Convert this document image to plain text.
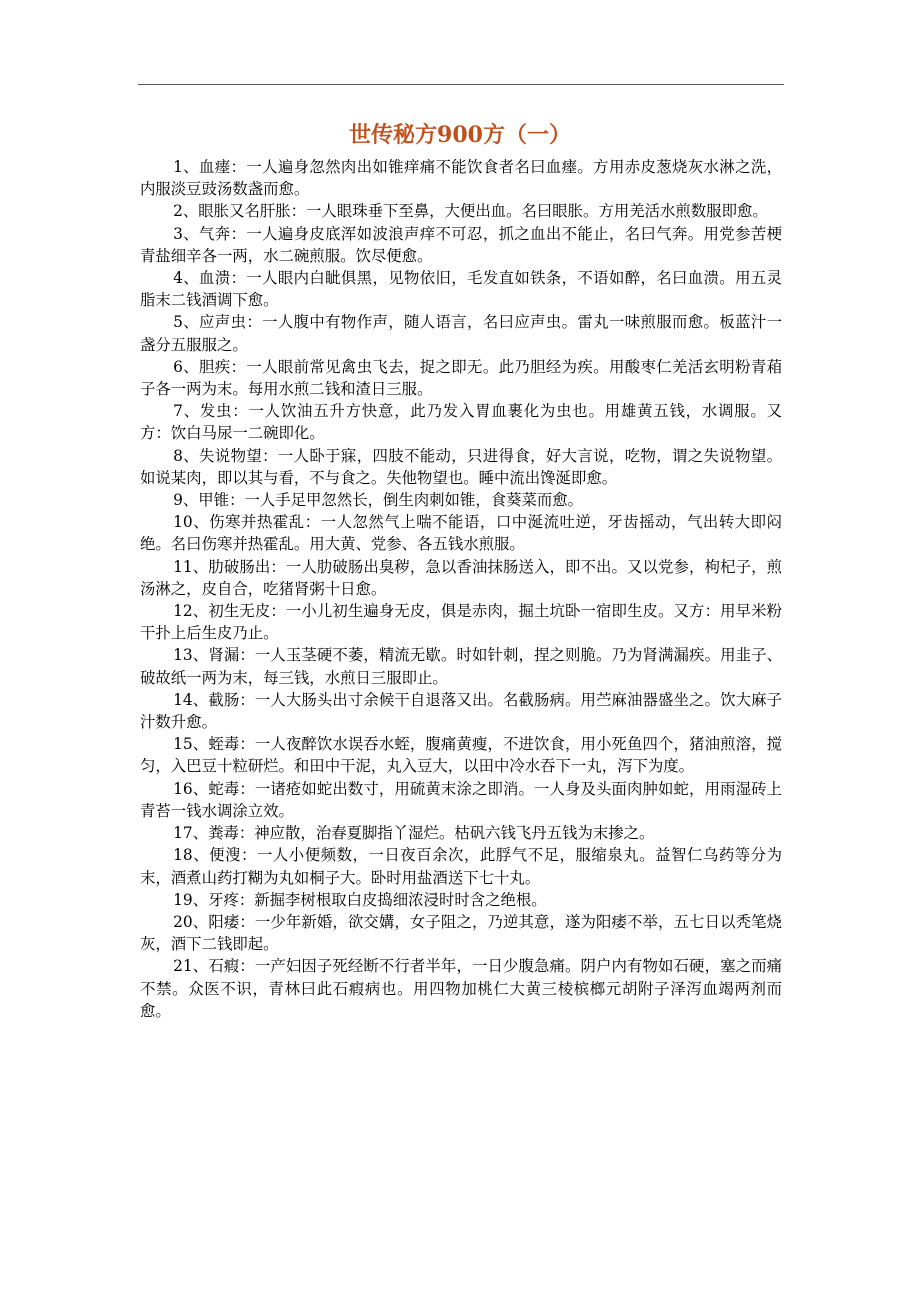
世传秘方900方（一）

1、血瘗：一人遍身忽然肉出如锥痒痛不能饮食者名曰血瘗。方用赤皮葱烧灰水淋之洗，内服淡豆豉汤数盏而愈。

2、眼胀又名肝胀：一人眼珠垂下至鼻，大便出血。名曰眼胀。方用羌活水煎数服即愈。

3、气奔：一人遍身皮底浑如波浪声痒不可忍，抓之血出不能止，名曰气奔。用党参苦梗青盐细辛各一两，水二碗煎服。饮尽便愈。

4、血溃：一人眼内白眦俱黑，见物依旧，毛发直如铁条，不语如醉，名曰血溃。用五灵脂末二钱酒调下愈。

5、应声虫：一人腹中有物作声，随人语言，名曰应声虫。雷丸一味煎服而愈。板蓝汁一盏分五服服之。

6、胆疾：一人眼前常见禽虫飞去，捉之即无。此乃胆经为疾。用酸枣仁羌活玄明粉青葙子各一两为末。每用水煎二钱和渣日三服。

7、发虫：一人饮油五升方快意，此乃发入胃血裹化为虫也。用雄黄五钱，水调服。又方：饮白马尿一二碗即化。

8、失说物望：一人卧于寐，四肢不能动，只进得食，好大言说，吃物，谓之失说物望。如说某肉，即以其与看，不与食之。失他物望也。睡中流出馋涎即愈。

9、甲锥：一人手足甲忽然长，倒生肉刺如锥，食葵菜而愈。

10、伤寒并热霍乱：一人忽然气上喘不能语，口中涎流吐逆，牙齿摇动，气出转大即闷绝。名曰伤寒并热霍乱。用大黄、党参、各五钱水煎服。

11、肋破肠出：一人肋破肠出臭秽，急以香油抹肠送入，即不出。又以党参，枸杞子，煎汤淋之，皮自合，吃猪肾粥十日愈。

12、初生无皮：一小儿初生遍身无皮，俱是赤肉，掘土坑卧一宿即生皮。又方：用早米粉干扑上后生皮乃止。

13、肾漏：一人玉茎硬不萎，精流无歇。时如针刺，捏之则脆。乃为肾满漏疾。用韭子、破故纸一两为末，每三钱，水煎日三服即止。

14、截肠：一人大肠头出寸余候干自退落又出。名截肠病。用苎麻油器盛坐之。饮大麻子汁数升愈。

15、蛭毒：一人夜醉饮水误吞水蛭，腹痛黄瘦，不进饮食，用小死鱼四个，猪油煎溶，搅匀，入巴豆十粒研烂。和田中干泥，丸入豆大，以田中冷水吞下一丸，泻下为度。

16、蛇毒：一诸疮如蛇出数寸，用硫黄末涂之即消。一人身及头面肉肿如蛇，用雨湿砖上青苔一钱水调涂立效。

17、粪毒：神应散，治春夏脚指丫湿烂。枯矾六钱飞丹五钱为末掺之。

18、便溲：一人小便频数，一日夜百余次，此脬气不足，服缩泉丸。益智仁乌药等分为末，酒煮山药打糊为丸如桐子大。卧时用盐酒送下七十丸。

19、牙疼：新掘李树根取白皮捣细浓浸时时含之绝根。

20、阳痿：一少年新婚，欲交媾，女子阻之，乃逆其意，遂为阳痿不举，五七日以秃笔烧灰，酒下二钱即起。

21、石瘕：一产妇因子死经断不行者半年，一日少腹急痛。阴户内有物如石硬，塞之而痛不禁。众医不识，青林曰此石瘕病也。用四物加桃仁大黄三棱槟榔元胡附子泽泻血竭两剂而愈。
